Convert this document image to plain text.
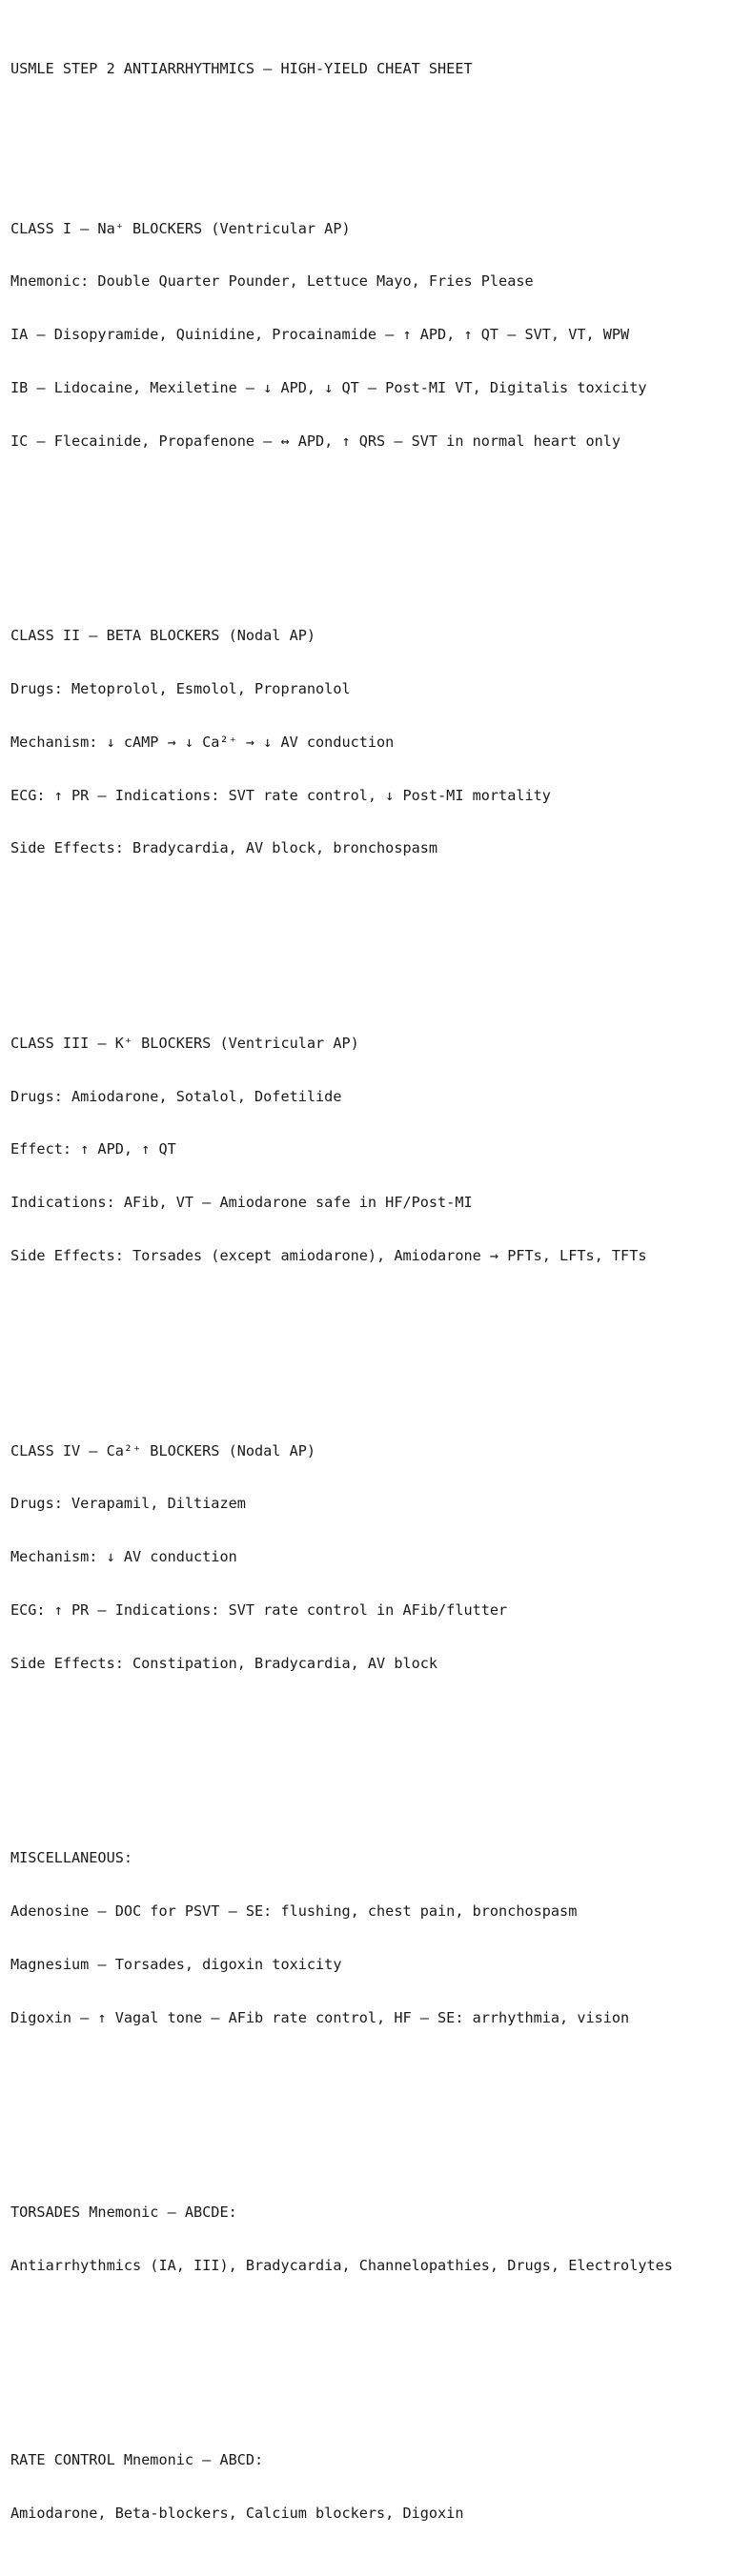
USMLE STEP 2 ANTIARRHYTHMICS – HIGH-YIELD CHEAT SHEET

CLASS I – Na⁺ BLOCKERS (Ventricular AP)

Mnemonic: Double Quarter Pounder, Lettuce Mayo, Fries Please

IA – Disopyramide, Quinidine, Procainamide – ↑ APD, ↑ QT – SVT, VT, WPW

IB – Lidocaine, Mexiletine – ↓ APD, ↓ QT – Post-MI VT, Digitalis toxicity

IC – Flecainide, Propafenone – ↔ APD, ↑ QRS – SVT in normal heart only

CLASS II – BETA BLOCKERS (Nodal AP)

Drugs: Metoprolol, Esmolol, Propranolol

Mechanism: ↓ cAMP → ↓ Ca²⁺ → ↓ AV conduction

ECG: ↑ PR – Indications: SVT rate control, ↓ Post-MI mortality

Side Effects: Bradycardia, AV block, bronchospasm

CLASS III – K⁺ BLOCKERS (Ventricular AP)

Drugs: Amiodarone, Sotalol, Dofetilide

Effect: ↑ APD, ↑ QT

Indications: AFib, VT – Amiodarone safe in HF/Post-MI

Side Effects: Torsades (except amiodarone), Amiodarone → PFTs, LFTs, TFTs

CLASS IV – Ca²⁺ BLOCKERS (Nodal AP)

Drugs: Verapamil, Diltiazem

Mechanism: ↓ AV conduction

ECG: ↑ PR – Indications: SVT rate control in AFib/flutter

Side Effects: Constipation, Bradycardia, AV block

MISCELLANEOUS:

Adenosine – DOC for PSVT – SE: flushing, chest pain, bronchospasm

Magnesium – Torsades, digoxin toxicity

Digoxin – ↑ Vagal tone – AFib rate control, HF – SE: arrhythmia, vision

TORSADES Mnemonic – ABCDE:

Antiarrhythmics (IA, III), Bradycardia, Channelopathies, Drugs, Electrolytes

RATE CONTROL Mnemonic – ABCD:

Amiodarone, Beta-blockers, Calcium blockers, Digoxin
